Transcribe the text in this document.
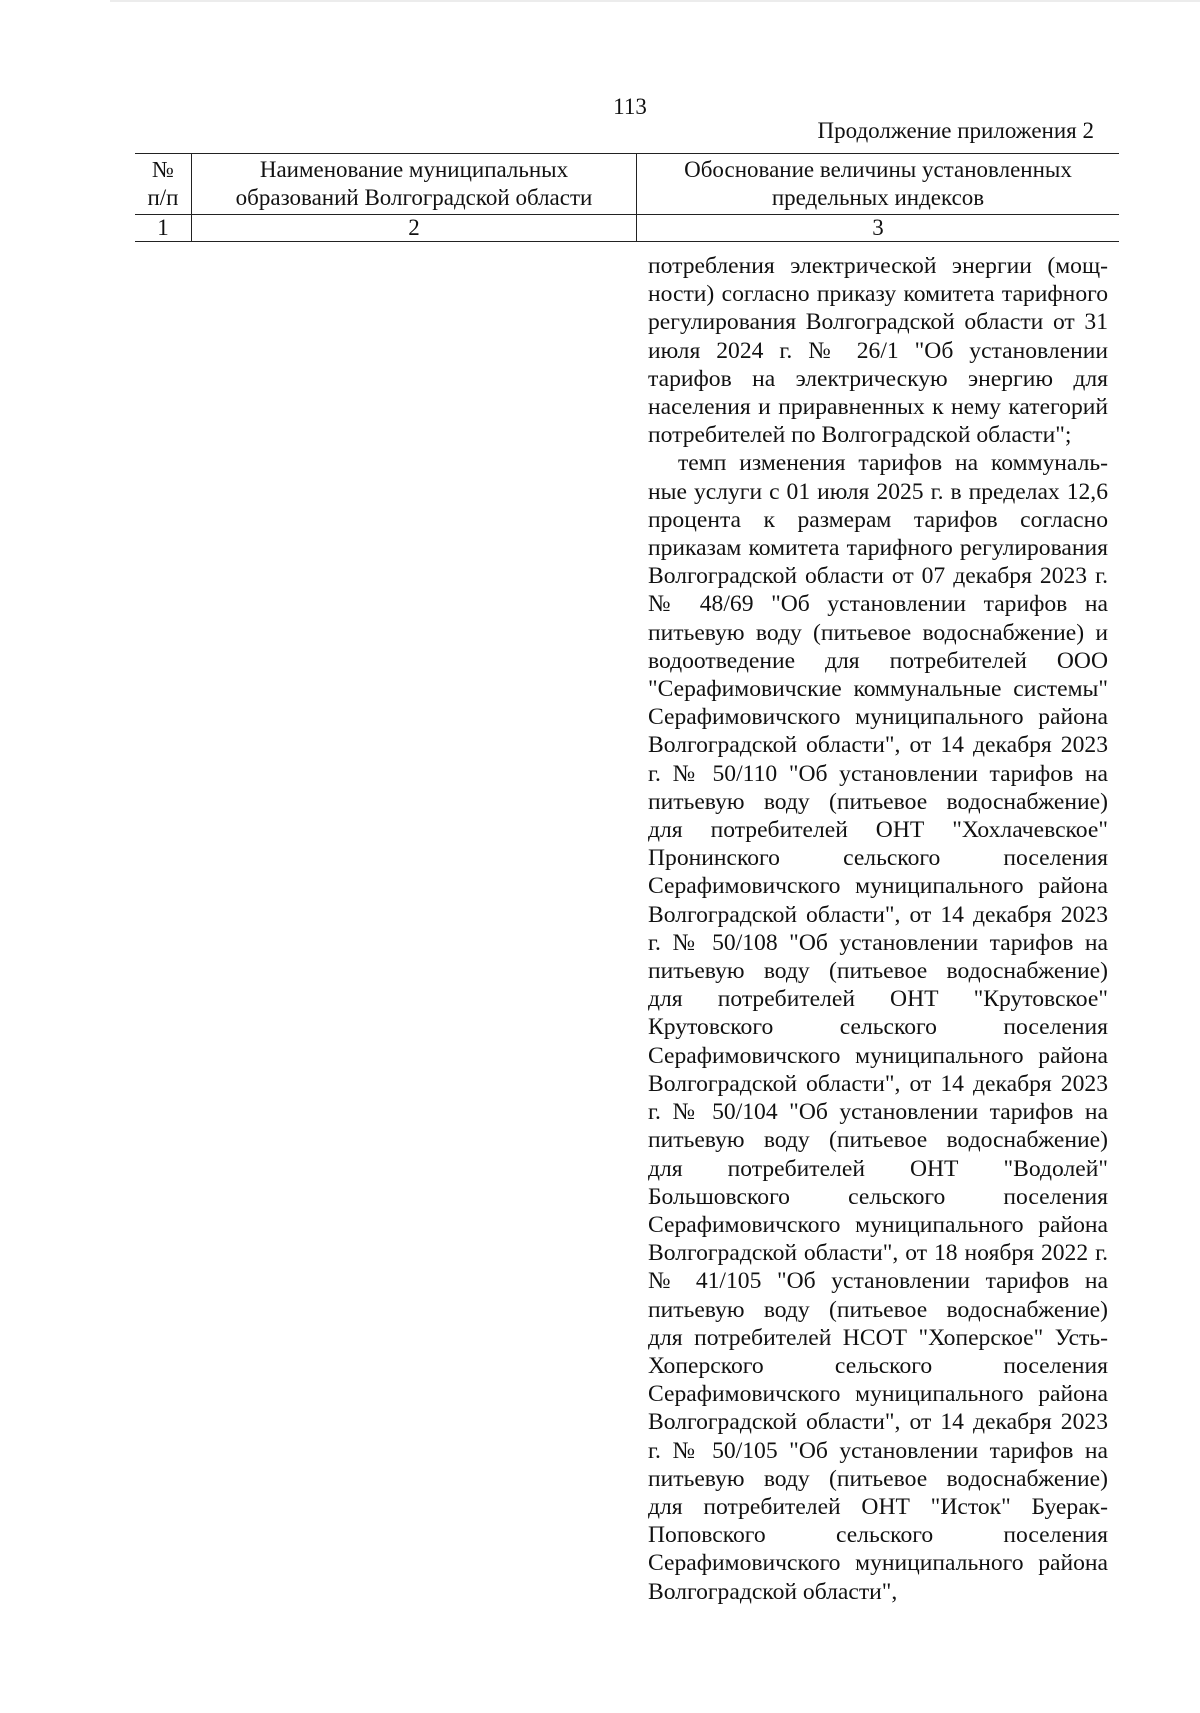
113
Продолжение приложения 2
№
п/п
Наименование муниципальных
образований Волгоградской области
Обоснование величины установленных
предельных индексов
1	2	3

потребления электрической энергии (мощности) согласно приказу комитета тарифного регулирования Волгоградской области от 31 июля 2024 г. № 26/1 "Об установлении тарифов на электрическую энергию для населения и приравненных к нему категорий потребителей по Волгоградской области";

темп изменения тарифов на коммунальные услуги с 01 июля 2025 г. в пределах 12,6 процента к размерам тарифов согласно приказам комитета тарифного регулирования Волгоградской области от 07 декабря 2023 г. № 48/69 "Об установлении тарифов на питьевую воду (питьевое водоснабжение) и водоотведение для потребителей ООО "Серафимовичские коммунальные системы" Серафимовичского муниципального района Волгоградской области", от 14 декабря 2023 г. № 50/110 "Об установлении тарифов на питьевую воду (питьевое водоснабжение) для потребителей ОНТ "Хохлачевское" Пронинского сельского поселения Серафимовичского муниципального района Волгоградской области", от 14 декабря 2023 г. № 50/108 "Об установлении тарифов на питьевую воду (питьевое водоснабжение) для потребителей ОНТ "Крутовское" Крутовского сельского поселения Серафимовичского муниципального района Волгоградской области", от 14 декабря 2023 г. № 50/104 "Об установлении тарифов на питьевую воду (питьевое водоснабжение) для потребителей ОНТ "Водолей" Большовского сельского поселения Серафимовичского муниципального района Волгоградской области", от 18 ноября 2022 г. № 41/105 "Об установлении тарифов на питьевую воду (питьевое водоснабжение) для потребителей НСОТ "Хоперское" Усть-Хоперского сельского поселения Серафимовичского муниципального района Волгоградской области", от 14 декабря 2023 г. № 50/105 "Об установлении тарифов на питьевую воду (питьевое водоснабжение) для потребителей ОНТ "Исток" Буерак-Поповского сельского поселения Серафимовичского муниципального района Волгоградской области",
